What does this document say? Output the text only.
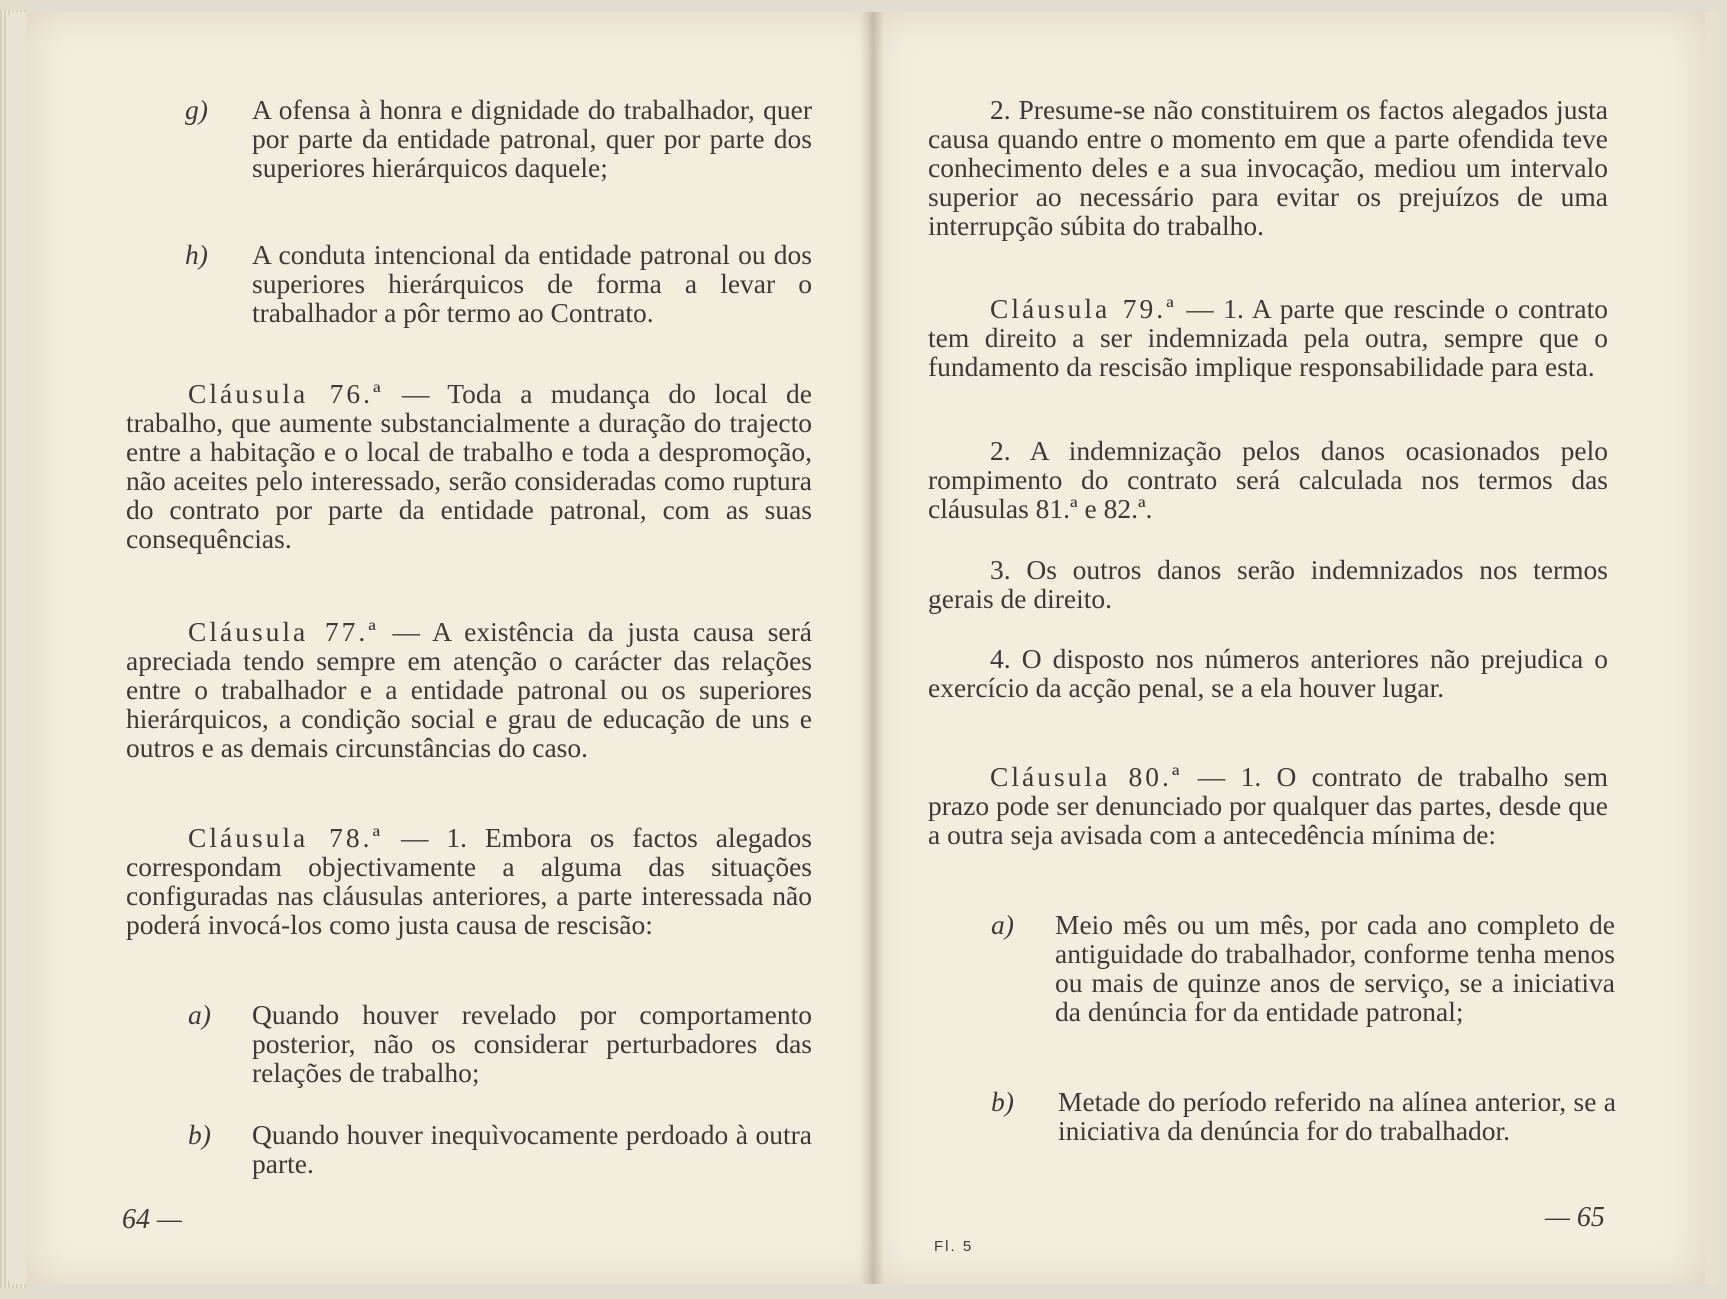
g) A ofensa à honra e dignidade do trabalhador, quer por parte da entidade patronal, quer por parte dos superiores hierárquicos daquele;
h) A conduta intencional da entidade patronal ou dos superiores hierárquicos de forma a levar o trabalhador a pôr termo ao Contrato.

Cláusula 76.ª — Toda a mudança do local de trabalho, que aumente substancialmente a duração do trajecto entre a habitação e o local de trabalho e toda a despromoção, não aceites pelo interessado, serão consideradas como ruptura do contrato por parte da entidade patronal, com as suas consequências.

Cláusula 77.ª — A existência da justa causa será apreciada tendo sempre em atenção o carácter das relações entre o trabalhador e a entidade patronal ou os superiores hierárquicos, a condição social e grau de educação de uns e outros e as demais circunstâncias do caso.

Cláusula 78.ª — 1. Embora os factos alegados correspondam objectivamente a alguma das situações configuradas nas cláusulas anteriores, a parte interessada não poderá invocá-los como justa causa de rescisão:

a) Quando houver revelado por comportamento posterior, não os considerar perturbadores das relações de trabalho;
b) Quando houver inequìvocamente perdoado à outra parte.
64 —

2. Presume-se não constituirem os factos alegados justa causa quando entre o momento em que a parte ofendida teve conhecimento deles e a sua invocação, mediou um intervalo superior ao necessário para evitar os prejuízos de uma interrupção súbita do trabalho.

Cláusula 79.ª — 1. A parte que rescinde o contrato tem direito a ser indemnizada pela outra, sempre que o fundamento da rescisão implique responsabilidade para esta.

2. A indemnização pelos danos ocasionados pelo rompimento do contrato será calculada nos termos das cláusulas 81.ª e 82.ª.

3. Os outros danos serão indemnizados nos termos gerais de direito.

4. O disposto nos números anteriores não prejudica o exercício da acção penal, se a ela houver lugar.

Cláusula 80.ª — 1. O contrato de trabalho sem prazo pode ser denunciado por qualquer das partes, desde que a outra seja avisada com a antecedência mínima de:

a) Meio mês ou um mês, por cada ano completo de antiguidade do trabalhador, conforme tenha menos ou mais de quinze anos de serviço, se a iniciativa da denúncia for da entidade patronal;
b) Metade do período referido na alínea anterior, se a iniciativa da denúncia for do trabalhador.
Fl. 5
— 65
